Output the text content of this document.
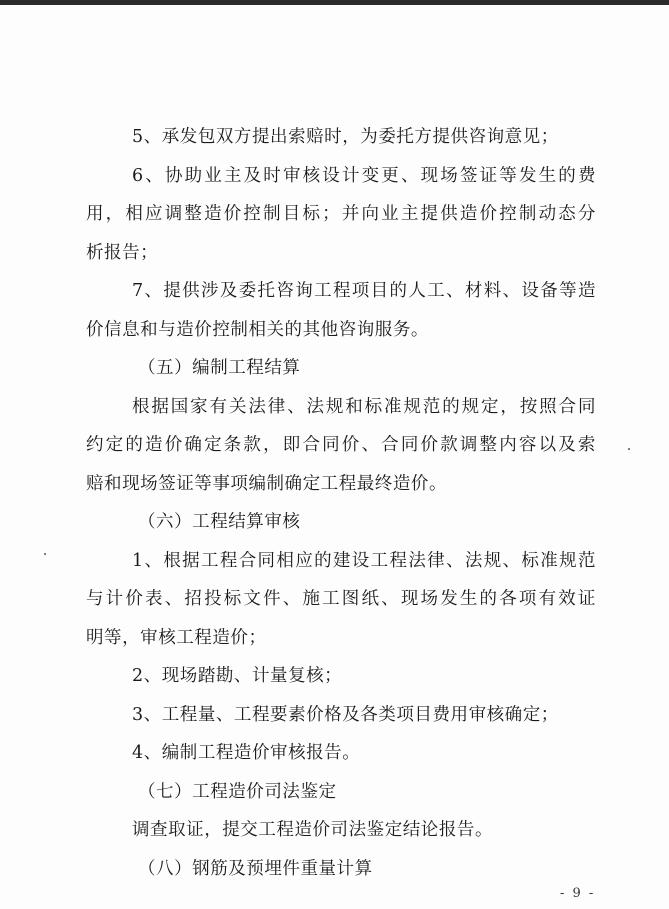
5、承发包双方提出索赔时，为委托方提供咨询意见；
6、协助业主及时审核设计变更、现场签证等发生的费
用，相应调整造价控制目标；并向业主提供造价控制动态分
析报告；
7、提供涉及委托咨询工程项目的人工、材料、设备等造
价信息和与造价控制相关的其他咨询服务。
（五）编制工程结算
根据国家有关法律、法规和标准规范的规定，按照合同
约定的造价确定条款，即合同价、合同价款调整内容以及索
赔和现场签证等事项编制确定工程最终造价。
（六）工程结算审核
1、根据工程合同相应的建设工程法律、法规、标准规范
与计价表、招投标文件、施工图纸、现场发生的各项有效证
明等，审核工程造价；
2、现场踏勘、计量复核；
3、工程量、工程要素价格及各类项目费用审核确定；
4、编制工程造价审核报告。
（七）工程造价司法鉴定
调查取证，提交工程造价司法鉴定结论报告。
（八）钢筋及预埋件重量计算
- 9 -
